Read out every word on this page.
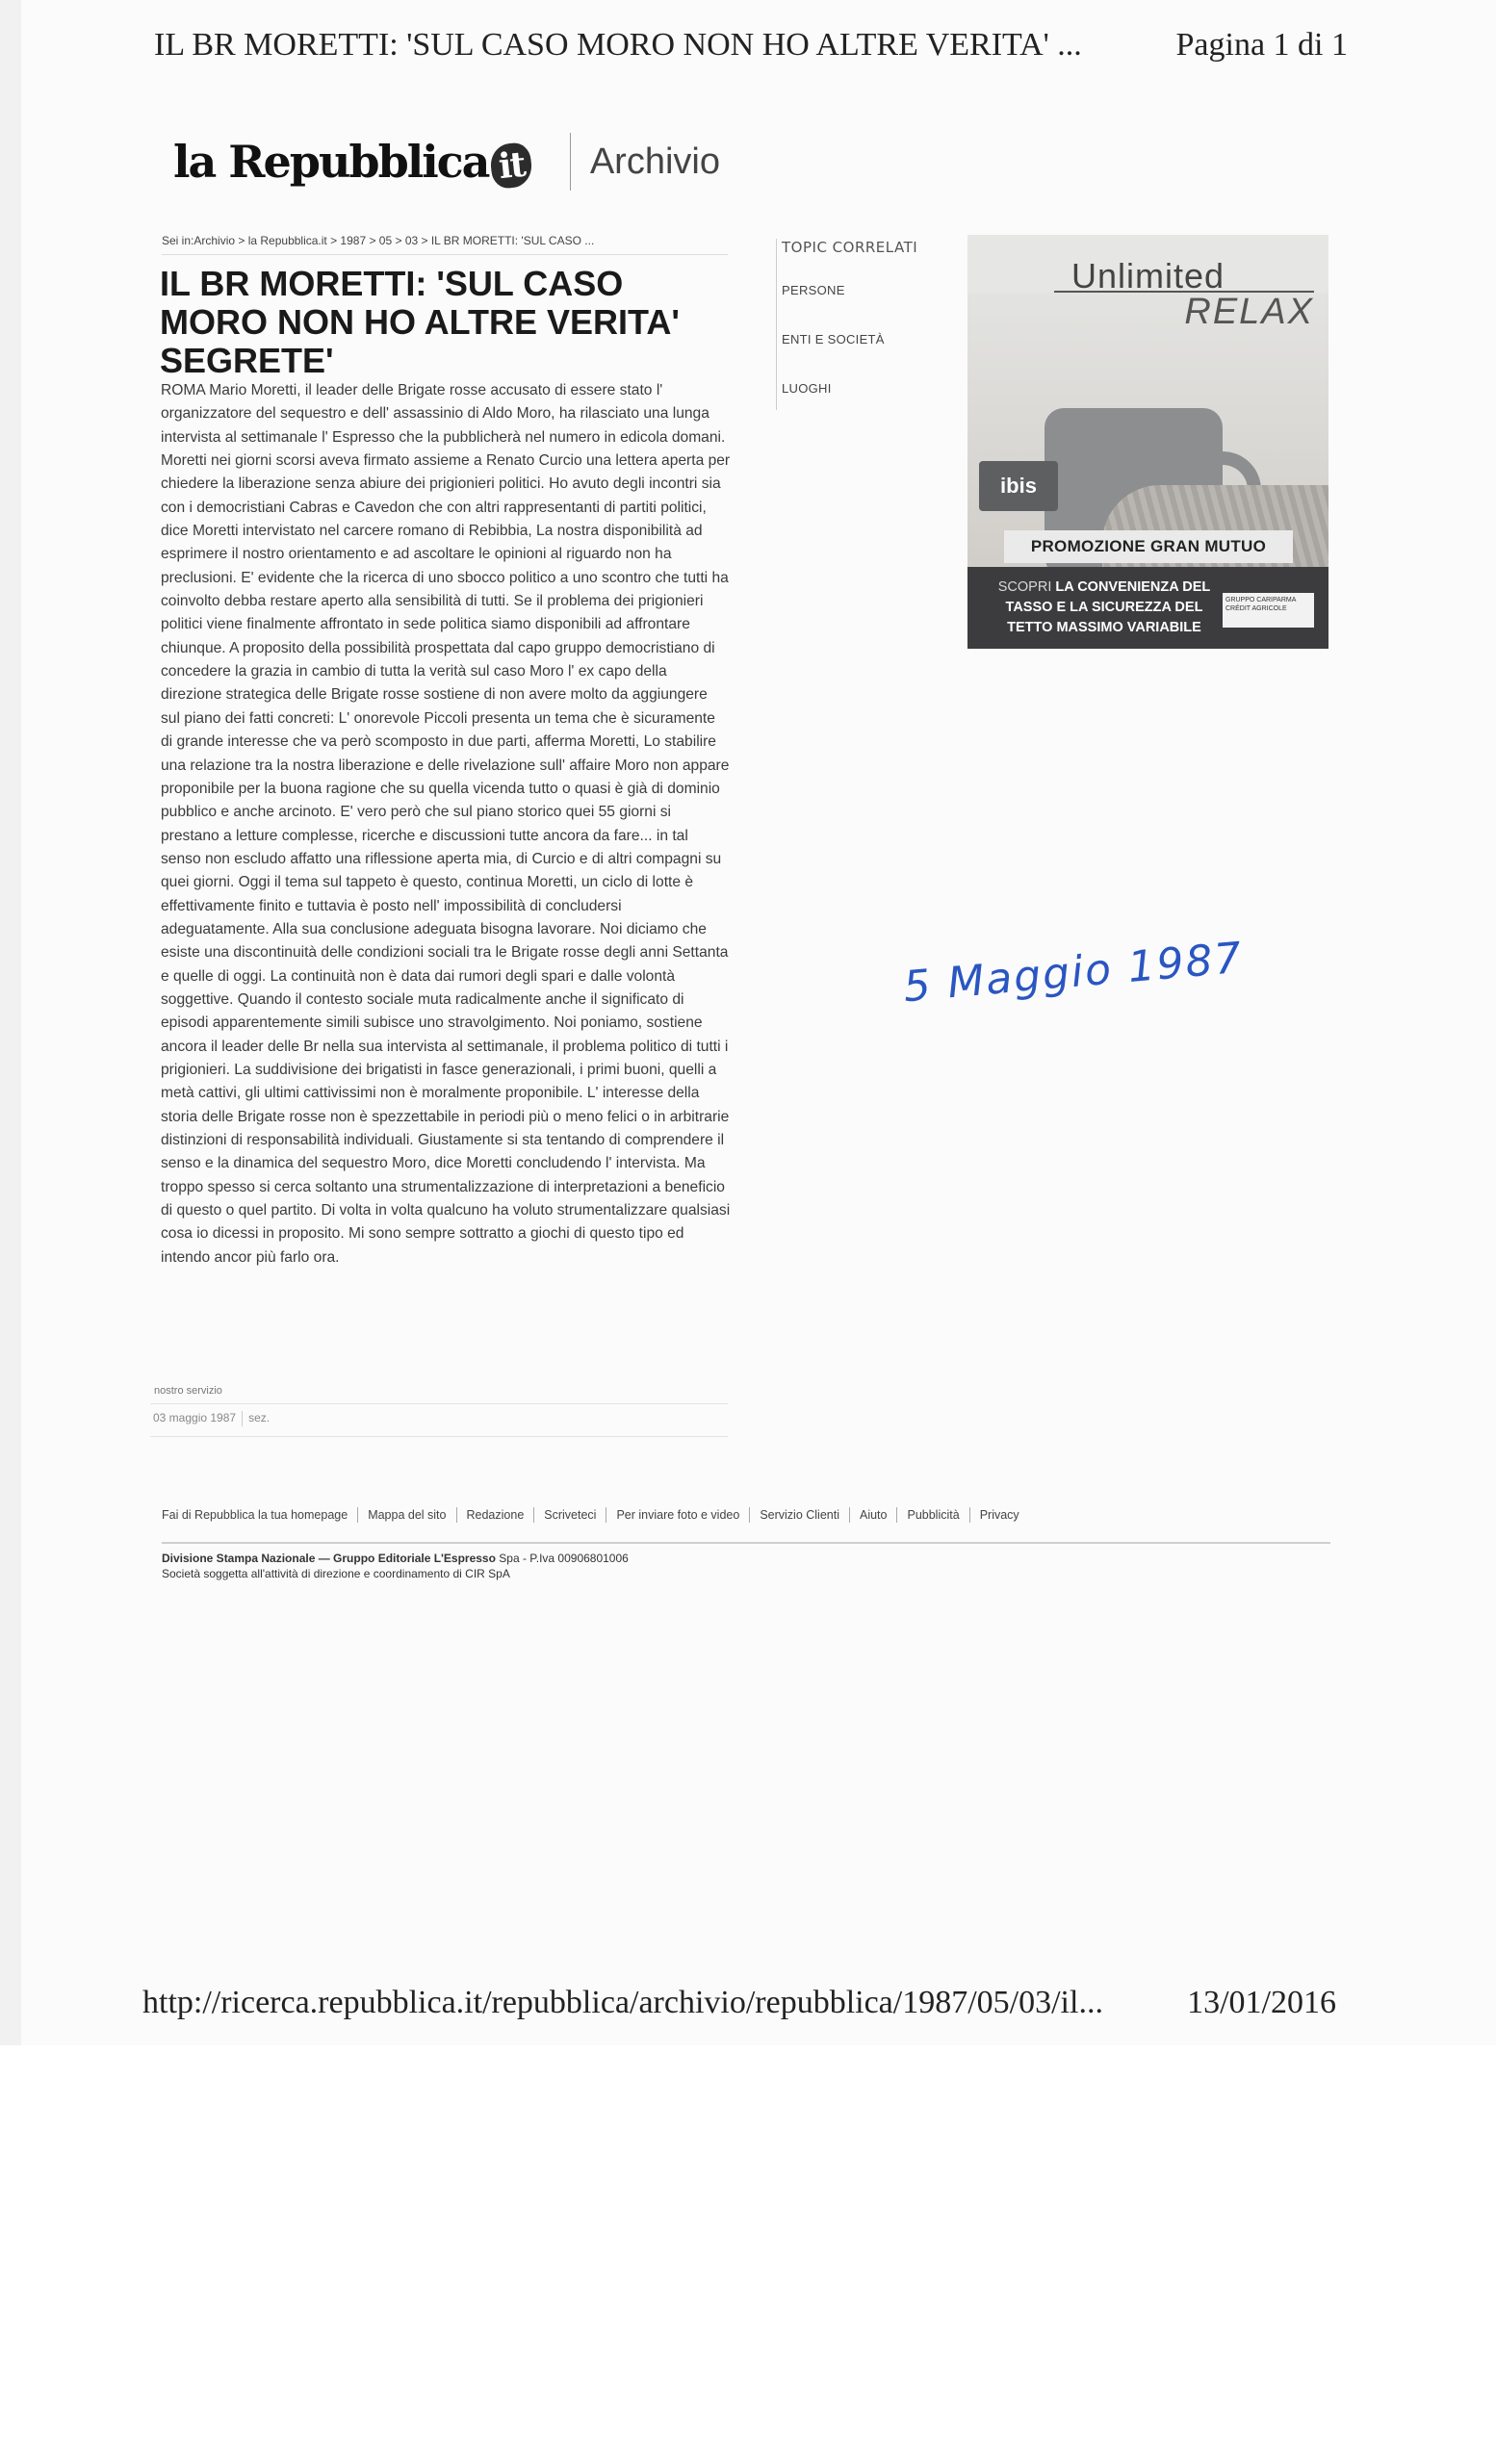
IL BR MORETTI: 'SUL CASO MORO NON HO ALTRE VERITA' ...	Pagina 1 di 1
la Repubblica it Archivio
Sei in:Archivio > la Repubblica.it > 1987 > 05 > 03 > IL BR MORETTI: 'SUL CASO ...
IL BR MORETTI: 'SUL CASO MORO NON HO ALTRE VERITA' SEGRETE'

ROMA Mario Moretti, il leader delle Brigate rosse accusato di essere stato l' organizzatore del sequestro e dell' assassinio di Aldo Moro, ha rilasciato una lunga intervista al settimanale l' Espresso che la pubblicherà nel numero in edicola domani. Moretti nei giorni scorsi aveva firmato assieme a Renato Curcio una lettera aperta per chiedere la liberazione senza abiure dei prigionieri politici. Ho avuto degli incontri sia con i democristiani Cabras e Cavedon che con altri rappresentanti di partiti politici, dice Moretti intervistato nel carcere romano di Rebibbia, La nostra disponibilità ad esprimere il nostro orientamento e ad ascoltare le opinioni al riguardo non ha preclusioni. E' evidente che la ricerca di uno sbocco politico a uno scontro che tutti ha coinvolto debba restare aperto alla sensibilità di tutti. Se il problema dei prigionieri politici viene finalmente affrontato in sede politica siamo disponibili ad affrontare chiunque. A proposito della possibilità prospettata dal capo gruppo democristiano di concedere la grazia in cambio di tutta la verità sul caso Moro l' ex capo della direzione strategica delle Brigate rosse sostiene di non avere molto da aggiungere sul piano dei fatti concreti: L' onorevole Piccoli presenta un tema che è sicuramente di grande interesse che va però scomposto in due parti, afferma Moretti, Lo stabilire una relazione tra la nostra liberazione e delle rivelazione sull' affaire Moro non appare proponibile per la buona ragione che su quella vicenda tutto o quasi è già di dominio pubblico e anche arcinoto. E' vero però che sul piano storico quei 55 giorni si prestano a letture complesse, ricerche e discussioni tutte ancora da fare... in tal senso non escludo affatto una riflessione aperta mia, di Curcio e di altri compagni su quei giorni. Oggi il tema sul tappeto è questo, continua Moretti, un ciclo di lotte è effettivamente finito e tuttavia è posto nell' impossibilità di concludersi adeguatamente. Alla sua conclusione adeguata bisogna lavorare. Noi diciamo che esiste una discontinuità delle condizioni sociali tra le Brigate rosse degli anni Settanta e quelle di oggi. La continuità non è data dai rumori degli spari e dalle volontà soggettive. Quando il contesto sociale muta radicalmente anche il significato di episodi apparentemente simili subisce uno stravolgimento. Noi poniamo, sostiene ancora il leader delle Br nella sua intervista al settimanale, il problema politico di tutti i prigionieri. La suddivisione dei brigatisti in fasce generazionali, i primi buoni, quelli a metà cattivi, gli ultimi cattivissimi non è moralmente proponibile. L' interesse della storia delle Brigate rosse non è spezzettabile in periodi più o meno felici o in arbitrarie distinzioni di responsabilità individuali. Giustamente si sta tentando di comprendere il senso e la dinamica del sequestro Moro, dice Moretti concludendo l' intervista. Ma troppo spesso si cerca soltanto una strumentalizzazione di interpretazioni a beneficio di questo o quel partito. Di volta in volta qualcuno ha voluto strumentalizzare qualsiasi cosa io dicessi in proposito. Mi sono sempre sottratto a giochi di questo tipo ed intendo ancor più farlo ora.

nostro servizio
03 maggio 1987 sez.
TOPIC CORRELATI
PERSONE
ENTI E SOCIETÀ
LUOGHI
Unlimited
RELAX
ibis
PROMOZIONE GRAN MUTUO
SCOPRI LA CONVENIENZA DEL TASSO E LA SICUREZZA DEL TETTO MASSIMO VARIABILE
GRUPPO CARIPARMA CRÉDIT AGRICOLE
5 Maggio 1987
Fai di Repubblica la tua homepage	Mappa del sito	Redazione	Scriveteci	Per inviare foto e video	Servizio Clienti	Aiuto	Pubblicità	Privacy
Divisione Stampa Nazionale — Gruppo Editoriale L'Espresso Spa - P.Iva 00906801006
Società soggetta all'attività di direzione e coordinamento di CIR SpA
http://ricerca.repubblica.it/repubblica/archivio/repubblica/1987/05/03/il...	13/01/2016
